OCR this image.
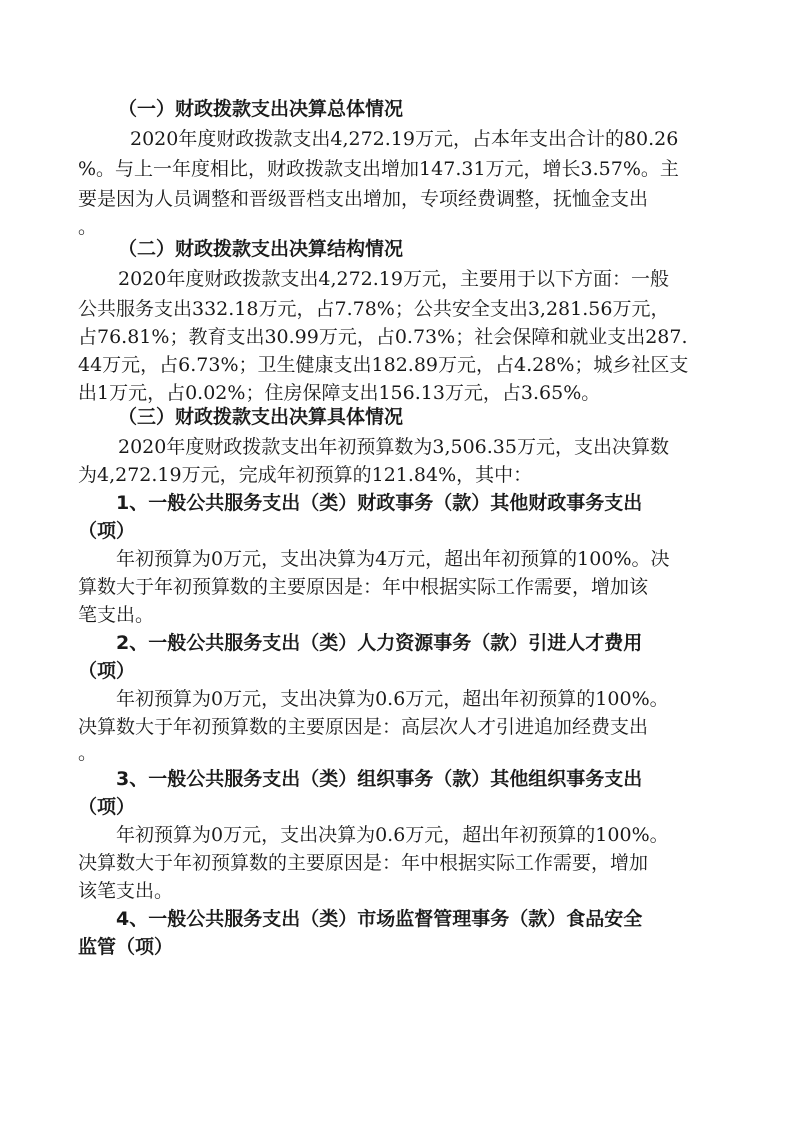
（一）财政拨款支出决算总体情况
2020年度财政拨款支出4,272.19万元，占本年支出合计的80.26
%。与上一年度相比，财政拨款支出增加147.31万元，增长3.57%。主
要是因为人员调整和晋级晋档支出增加，专项经费调整，抚恤金支出
。
（二）财政拨款支出决算结构情况
2020年度财政拨款支出4,272.19万元，主要用于以下方面：一般
公共服务支出332.18万元，占7.78%；公共安全支出3,281.56万元，
占76.81%；教育支出30.99万元，占0.73%；社会保障和就业支出287.
44万元，占6.73%；卫生健康支出182.89万元，占4.28%；城乡社区支
出1万元，占0.02%；住房保障支出156.13万元，占3.65%。
（三）财政拨款支出决算具体情况
2020年度财政拨款支出年初预算数为3,506.35万元，支出决算数
为4,272.19万元，完成年初预算的121.84%，其中：
1、一般公共服务支出（类）财政事务（款）其他财政事务支出
（项）
年初预算为0万元，支出决算为4万元，超出年初预算的100%。决
算数大于年初预算数的主要原因是：年中根据实际工作需要，增加该
笔支出。
2、一般公共服务支出（类）人力资源事务（款）引进人才费用
（项）
年初预算为0万元，支出决算为0.6万元，超出年初预算的100%。
决算数大于年初预算数的主要原因是：高层次人才引进追加经费支出
。
3、一般公共服务支出（类）组织事务（款）其他组织事务支出
（项）
年初预算为0万元，支出决算为0.6万元，超出年初预算的100%。
决算数大于年初预算数的主要原因是：年中根据实际工作需要，增加
该笔支出。
4、一般公共服务支出（类）市场监督管理事务（款）食品安全
监管（项）
